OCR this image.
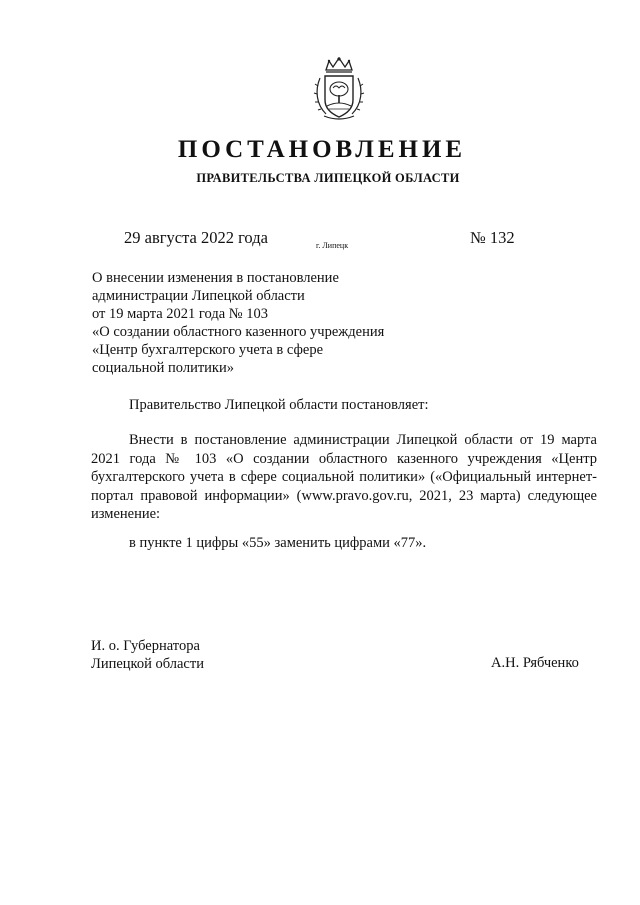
ПОСТАНОВЛЕНИЕ
ПРАВИТЕЛЬСТВА ЛИПЕЦКОЙ ОБЛАСТИ
29 августа 2022 года	г. Липецк	№ 132
О внесении изменения в постановление
администрации Липецкой области
от 19 марта 2021 года № 103
«О создании областного казенного учреждения
«Центр бухгалтерского учета в сфере
социальной политики»
Правительство Липецкой области постановляет:
Внести в постановление администрации Липецкой области от 19 марта 2021 года № 103 «О создании областного казенного учреждения «Центр бухгалтерского учета в сфере социальной политики» («Официальный интернет-портал правовой информации» (www.pravo.gov.ru, 2021, 23 марта) следующее изменение:
в пункте 1 цифры «55» заменить цифрами «77».
И. о. Губернатора
Липецкой области	А.Н. Рябченко
